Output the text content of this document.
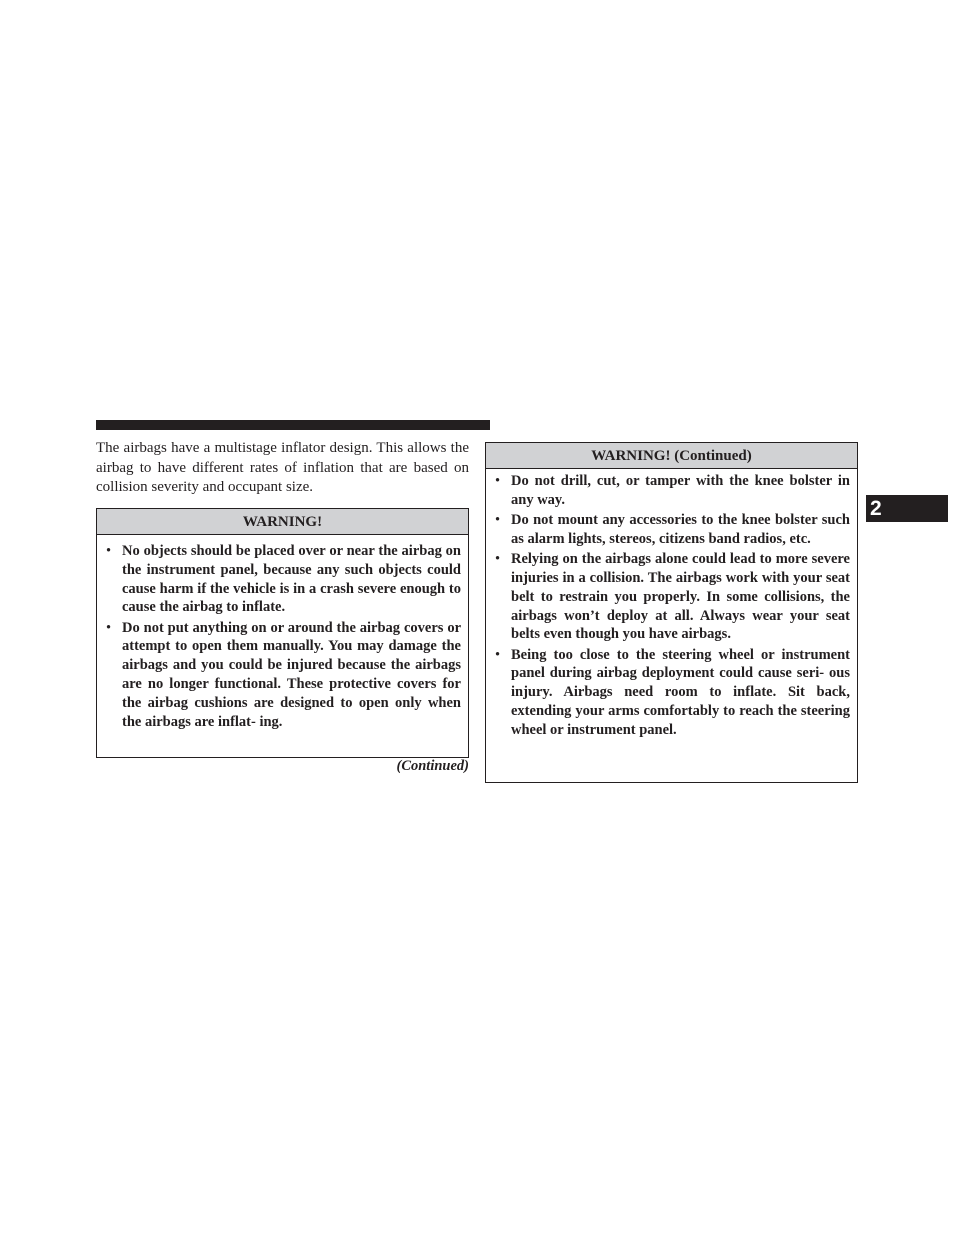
The airbags have a multistage inflator design. This allows the airbag to have different rates of inflation that are based on collision severity and occupant size.

WARNING!
• No objects should be placed over or near the airbag on the instrument panel, because any such objects could cause harm if the vehicle is in a crash severe enough to cause the airbag to inflate.
• Do not put anything on or around the airbag covers or attempt to open them manually. You may damage the airbags and you could be injured because the airbags are no longer functional. These protective covers for the airbag cushions are designed to open only when the airbags are inflat- ing.
(Continued)
WARNING! (Continued)
• Do not drill, cut, or tamper with the knee bolster in any way.
• Do not mount any accessories to the knee bolster such as alarm lights, stereos, citizens band radios, etc.
• Relying on the airbags alone could lead to more severe injuries in a collision. The airbags work with your seat belt to restrain you properly. In some collisions, the airbags won’t deploy at all. Always wear your seat belts even though you have airbags.
• Being too close to the steering wheel or instrument panel during airbag deployment could cause seri- ous injury. Airbags need room to inflate. Sit back, extending your arms comfortably to reach the steering wheel or instrument panel.
2
